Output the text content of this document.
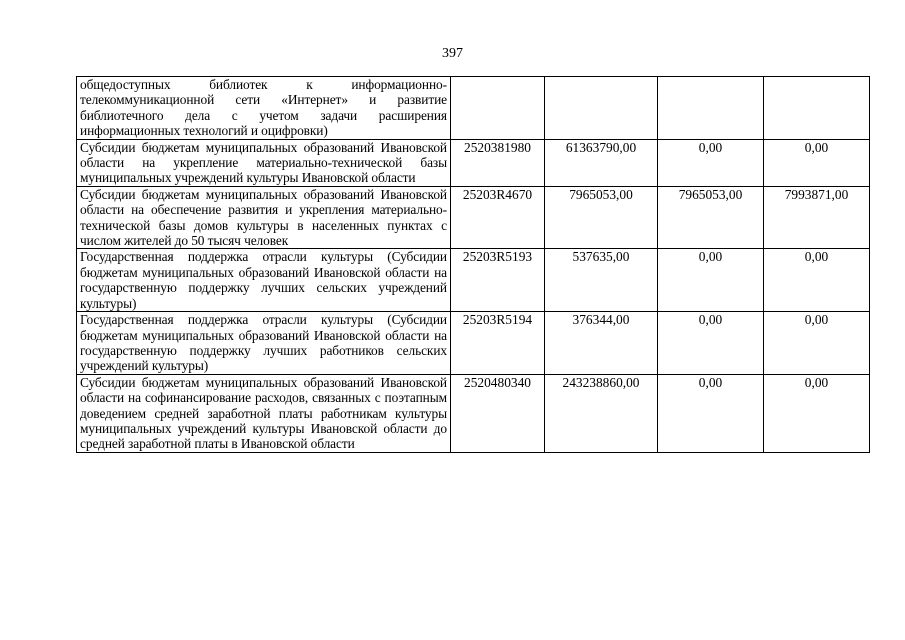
397
общедоступных библиотек к информационно-телекоммуникационной сети «Интернет» и развитие библиотечного дела с учетом задачи расширения информационных технологий и оцифровки)				
Субсидии бюджетам муниципальных образований Ивановской области на укрепление материально-технической базы муниципальных учреждений культуры Ивановской области	2520381980	61363790,00	0,00	0,00
Субсидии бюджетам муниципальных образований Ивановской области на обеспечение развития и укрепления материально-технической базы домов культуры в населенных пунктах с числом жителей до 50 тысяч человек	25203R4670	7965053,00	7965053,00	7993871,00
Государственная поддержка отрасли культуры (Субсидии бюджетам муниципальных образований Ивановской области на государственную поддержку лучших сельских учреждений культуры)	25203R5193	537635,00	0,00	0,00
Государственная поддержка отрасли культуры (Субсидии бюджетам муниципальных образований Ивановской области на государственную поддержку лучших работников сельских учреждений культуры)	25203R5194	376344,00	0,00	0,00
Субсидии бюджетам муниципальных образований Ивановской области на софинансирование расходов, связанных с поэтапным доведением средней заработной платы работникам культуры муниципальных учреждений культуры Ивановской области до средней заработной платы в Ивановской области	2520480340	243238860,00	0,00	0,00
